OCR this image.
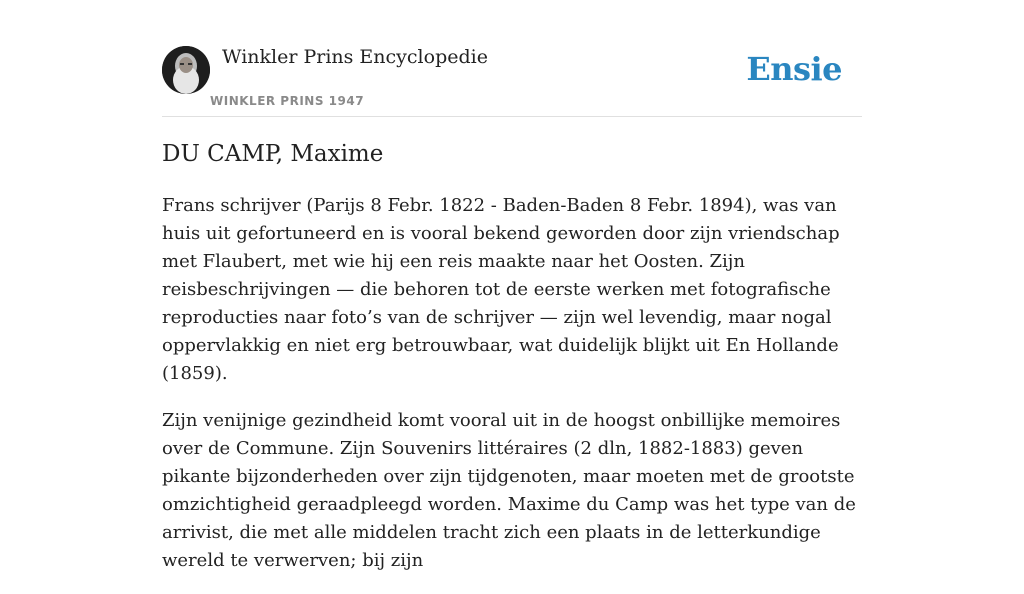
Winkler Prins Encyclopedie
WINKLER PRINS 1947
Ensie
DU CAMP, Maxime

Frans schrijver (Parijs 8 Febr. 1822 - Baden-Baden 8 Febr. 1894), was van huis uit gefortuneerd en is vooral bekend geworden door zijn vriendschap met Flaubert, met wie hij een reis maakte naar het Oosten. Zijn reisbeschrijvingen — die behoren tot de eerste werken met fotografische reproducties naar foto’s van de schrijver — zijn wel levendig, maar nogal oppervlakkig en niet erg betrouwbaar, wat duidelijk blijkt uit En Hollande (1859).

Zijn venijnige gezindheid komt vooral uit in de hoogst onbillijke memoires over de Commune. Zijn Souvenirs littéraires (2 dln, 1882-1883) geven pikante bijzonderheden over zijn tijdgenoten, maar moeten met de grootste omzichtigheid geraadpleegd worden. Maxime du Camp was het type van de arrivist, die met alle middelen tracht zich een plaats in de letterkundige wereld te verwerven; bij zijn
